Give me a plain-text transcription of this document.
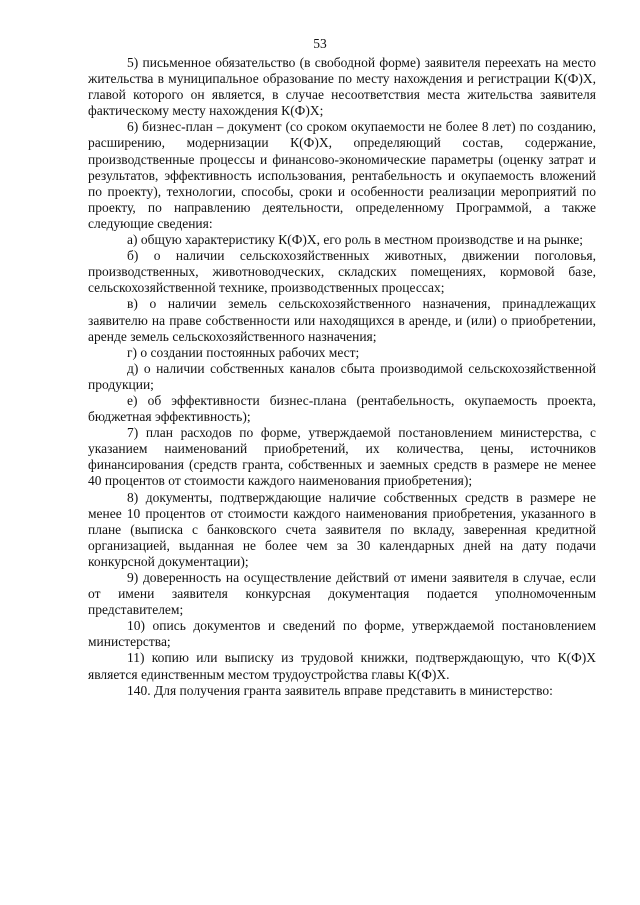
53

5) письменное обязательство (в свободной форме) заявителя переехать на место жительства в муниципальное образование по месту нахождения и регистрации К(Ф)Х, главой которого он является, в случае несоответствия места жительства заявителя фактическому месту нахождения К(Ф)Х;

6) бизнес-план – документ (со сроком окупаемости не более 8 лет) по созданию, расширению, модернизации К(Ф)Х, определяющий состав, содержание, производственные процессы и финансово-экономические параметры (оценку затрат и результатов, эффективность использования, рентабельность и окупаемость вложений по проекту), технологии, способы, сроки и особенности реализации мероприятий по проекту, по направлению деятельности, определенному Программой, а также следующие сведения:

а) общую характеристику К(Ф)Х, его роль в местном производстве и на рынке;

б) о наличии сельскохозяйственных животных, движении поголовья, производственных, животноводческих, складских помещениях, кормовой базе, сельскохозяйственной технике, производственных процессах;

в) о наличии земель сельскохозяйственного назначения, принадлежащих заявителю на праве собственности или находящихся в аренде, и (или) о приобретении, аренде земель сельскохозяйственного назначения;

г) о создании постоянных рабочих мест;

д) о наличии собственных каналов сбыта производимой сельскохозяйственной продукции;

е) об эффективности бизнес-плана (рентабельность, окупаемость проекта, бюджетная эффективность);

7) план расходов по форме, утверждаемой постановлением министерства, с указанием наименований приобретений, их количества, цены, источников финансирования (средств гранта, собственных и заемных средств в размере не менее 40 процентов от стоимости каждого наименования приобретения);

8) документы, подтверждающие наличие собственных средств в размере не менее 10 процентов от стоимости каждого наименования приобретения, указанного в плане (выписка с банковского счета заявителя по вкладу, заверенная кредитной организацией, выданная не более чем за 30 календарных дней на дату подачи конкурсной документации);

9) доверенность на осуществление действий от имени заявителя в случае, если от имени заявителя конкурсная документация подается уполномоченным представителем;

10) опись документов и сведений по форме, утверждаемой постановлением министерства;

11) копию или выписку из трудовой книжки, подтверждающую, что К(Ф)Х является единственным местом трудоустройства главы К(Ф)Х.

140. Для получения гранта заявитель вправе представить в министерство:
